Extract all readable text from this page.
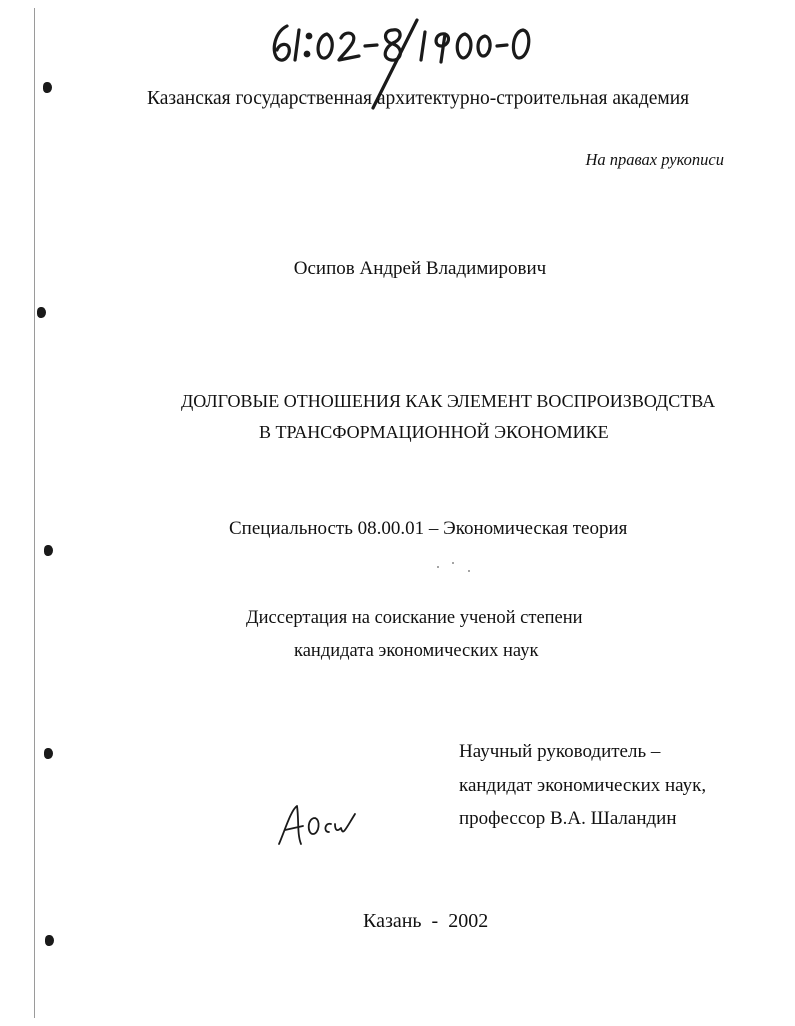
Казанская государственная архитектурно-строительная академия
На правах рукописи
Осипов Андрей Владимирович
ДОЛГОВЫЕ ОТНОШЕНИЯ КАК ЭЛЕМЕНТ ВОСПРОИЗВОДСТВА
В ТРАНСФОРМАЦИОННОЙ ЭКОНОМИКЕ
Специальность 08.00.01 – Экономическая теория
Диссертация на соискание ученой степени
кандидата экономических наук
Научный руководитель –
кандидат экономических наук,
профессор В.А. Шаландин
Казань  -  2002
